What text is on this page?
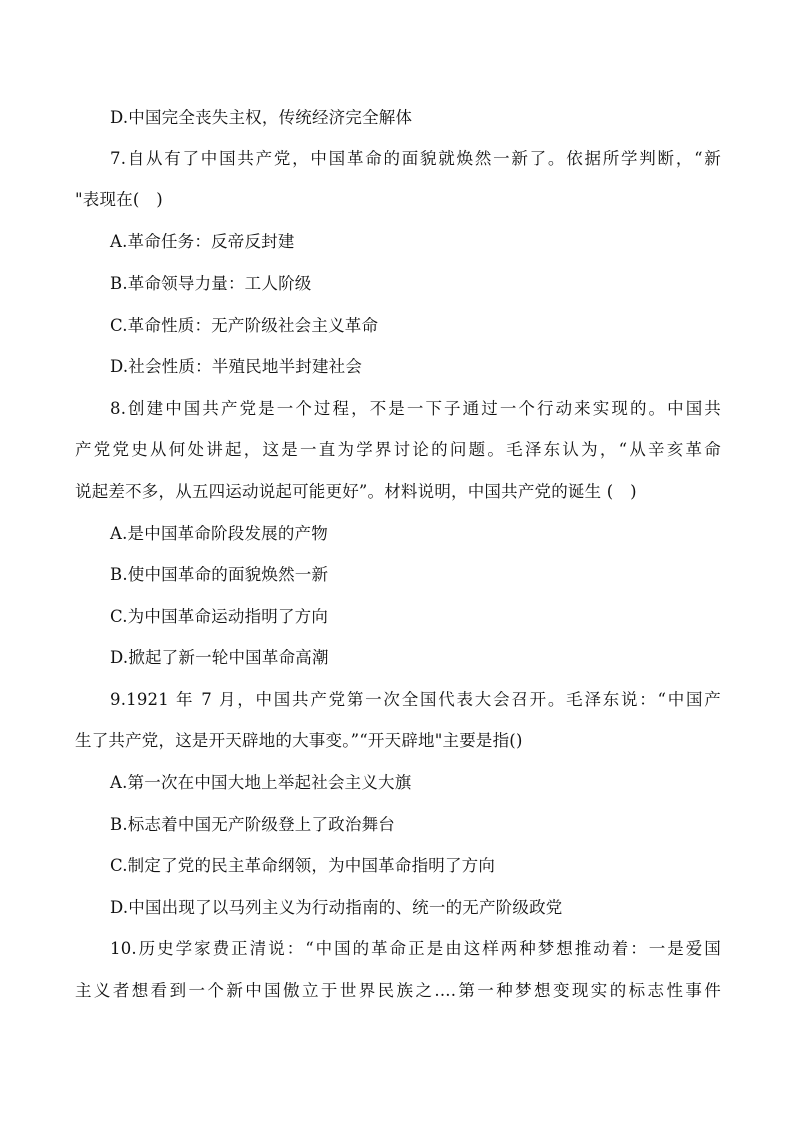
D.中国完全丧失主权，传统经济完全解体
7.自从有了中国共产党，中国革命的面貌就焕然一新了。依据所学判断，“新
"表现在(　)
A.革命任务：反帝反封建
B.革命领导力量：工人阶级
C.革命性质：无产阶级社会主义革命
D.社会性质：半殖民地半封建社会
8.创建中国共产党是一个过程，不是一下子通过一个行动来实现的。中国共
产党党史从何处讲起，这是一直为学界讨论的问题。毛泽东认为，“从辛亥革命
说起差不多，从五四运动说起可能更好”。材料说明，中国共产党的诞生 (　)
A.是中国革命阶段发展的产物
B.使中国革命的面貌焕然一新
C.为中国革命运动指明了方向
D.掀起了新一轮中国革命高潮
9.1921 年 7 月，中国共产党第一次全国代表大会召开。毛泽东说：“中国产
生了共产党，这是开天辟地的大事变。”“开天辟地"主要是指()
A.第一次在中国大地上举起社会主义大旗
B.标志着中国无产阶级登上了政治舞台
C.制定了党的民主革命纲领，为中国革命指明了方向
D.中国出现了以马列主义为行动指南的、统一的无产阶级政党
10.历史学家费正清说：“中国的革命正是由这样两种梦想推动着：一是爱国
主义者想看到一个新中国傲立于世界民族之....第一种梦想变现实的标志性事件
